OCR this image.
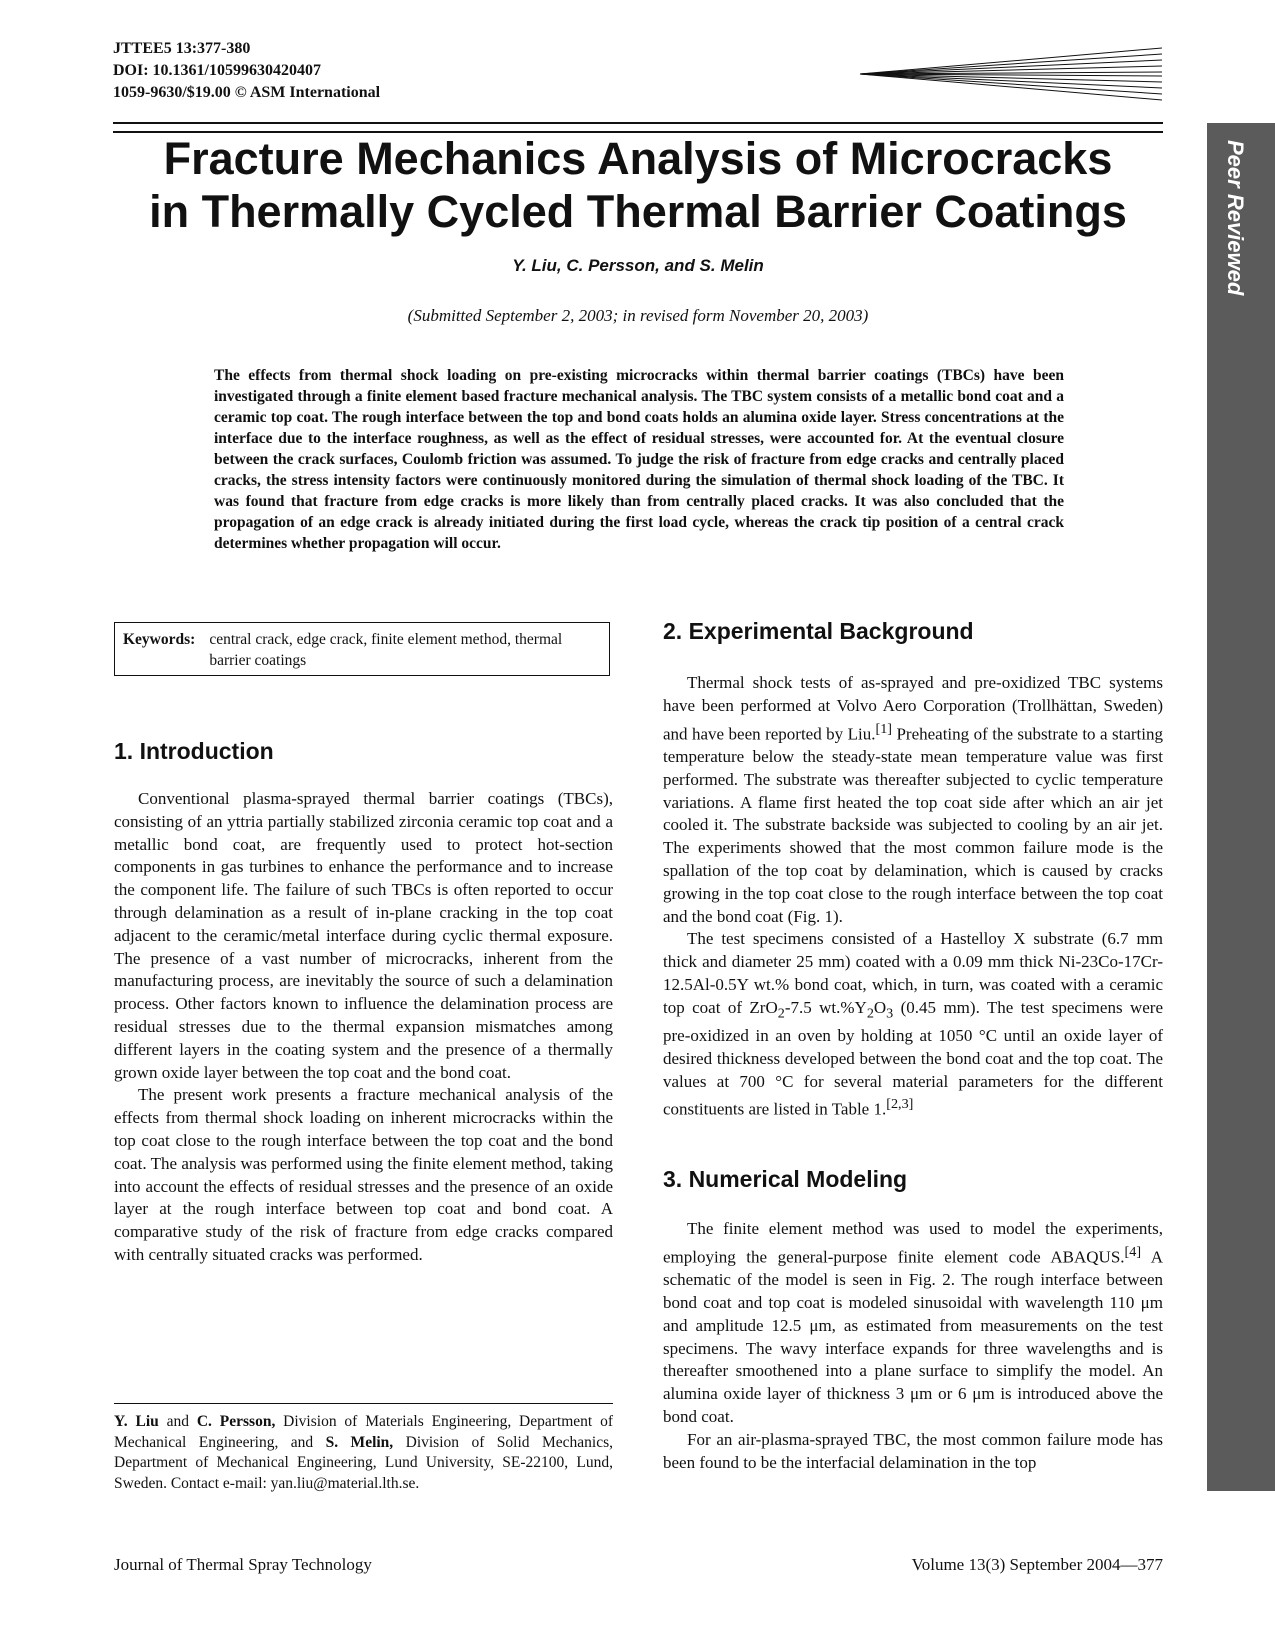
JTTEE5 13:377-380
DOI: 10.1361/10599630420407
1059-9630/$19.00 © ASM International
Peer Reviewed
Fracture Mechanics Analysis of Microcracks
in Thermally Cycled Thermal Barrier Coatings
Y. Liu, C. Persson, and S. Melin
(Submitted September 2, 2003; in revised form November 20, 2003)
The effects from thermal shock loading on pre-existing microcracks within thermal barrier coatings (TBCs) have been investigated through a finite element based fracture mechanical analysis. The TBC system consists of a metallic bond coat and a ceramic top coat. The rough interface between the top and bond coats holds an alumina oxide layer. Stress concentrations at the interface due to the interface roughness, as well as the effect of residual stresses, were accounted for. At the eventual closure between the crack surfaces, Coulomb friction was assumed. To judge the risk of fracture from edge cracks and centrally placed cracks, the stress intensity factors were continuously monitored during the simulation of thermal shock loading of the TBC. It was found that fracture from edge cracks is more likely than from centrally placed cracks. It was also concluded that the propagation of an edge crack is already initiated during the first load cycle, whereas the crack tip position of a central crack determines whether propagation will occur.
Keywords: central crack, edge crack, finite element method, thermal barrier coatings
1. Introduction

Conventional plasma-sprayed thermal barrier coatings (TBCs), consisting of an yttria partially stabilized zirconia ceramic top coat and a metallic bond coat, are frequently used to protect hot-section components in gas turbines to enhance the performance and to increase the component life. The failure of such TBCs is often reported to occur through delamination as a result of in-plane cracking in the top coat adjacent to the ceramic/metal interface during cyclic thermal exposure. The presence of a vast number of microcracks, inherent from the manufacturing process, are inevitably the source of such a delamination process. Other factors known to influence the delamination process are residual stresses due to the thermal expansion mismatches among different layers in the coating system and the presence of a thermally grown oxide layer between the top coat and the bond coat.

The present work presents a fracture mechanical analysis of the effects from thermal shock loading on inherent microcracks within the top coat close to the rough interface between the top coat and the bond coat. The analysis was performed using the finite element method, taking into account the effects of residual stresses and the presence of an oxide layer at the rough interface between top coat and bond coat. A comparative study of the risk of fracture from edge cracks compared with centrally situated cracks was performed.

Y. Liu and C. Persson, Division of Materials Engineering, Department of Mechanical Engineering, and S. Melin, Division of Solid Mechanics, Department of Mechanical Engineering, Lund University, SE-22100, Lund, Sweden. Contact e-mail: yan.liu@material.lth.se.
2. Experimental Background

Thermal shock tests of as-sprayed and pre-oxidized TBC systems have been performed at Volvo Aero Corporation (Trollhättan, Sweden) and have been reported by Liu.[1] Preheating of the substrate to a starting temperature below the steady-state mean temperature value was first performed. The substrate was thereafter subjected to cyclic temperature variations. A flame first heated the top coat side after which an air jet cooled it. The substrate backside was subjected to cooling by an air jet. The experiments showed that the most common failure mode is the spallation of the top coat by delamination, which is caused by cracks growing in the top coat close to the rough interface between the top coat and the bond coat (Fig. 1).

The test specimens consisted of a Hastelloy X substrate (6.7 mm thick and diameter 25 mm) coated with a 0.09 mm thick Ni-23Co-17Cr-12.5Al-0.5Y wt.% bond coat, which, in turn, was coated with a ceramic top coat of ZrO$_2$-7.5 $wt.\%Y_2O_3$ (0.45 mm). The test specimens were pre-oxidized in an oven by holding at 1050 °C until an oxide layer of desired thickness developed between the bond coat and the top coat. The values at 700 °C for several material parameters for the different constituents are listed in Table 1.[2,3]

3. Numerical Modeling

The finite element method was used to model the experiments, employing the general-purpose finite element code ABAQUS.[4] A schematic of the model is seen in Fig. 2. The rough interface between bond coat and top coat is modeled sinusoidal with wavelength 110 μm and amplitude 12.5 μm, as estimated from measurements on the test specimens. The wavy interface expands for three wavelengths and is thereafter smoothened into a plane surface to simplify the model. An alumina oxide layer of thickness 3 μm or 6 μm is introduced above the bond coat.

For an air-plasma-sprayed TBC, the most common failure mode has been found to be the interfacial delamination in the top

Journal of Thermal Spray Technology	Volume 13(3) September 2004—377
